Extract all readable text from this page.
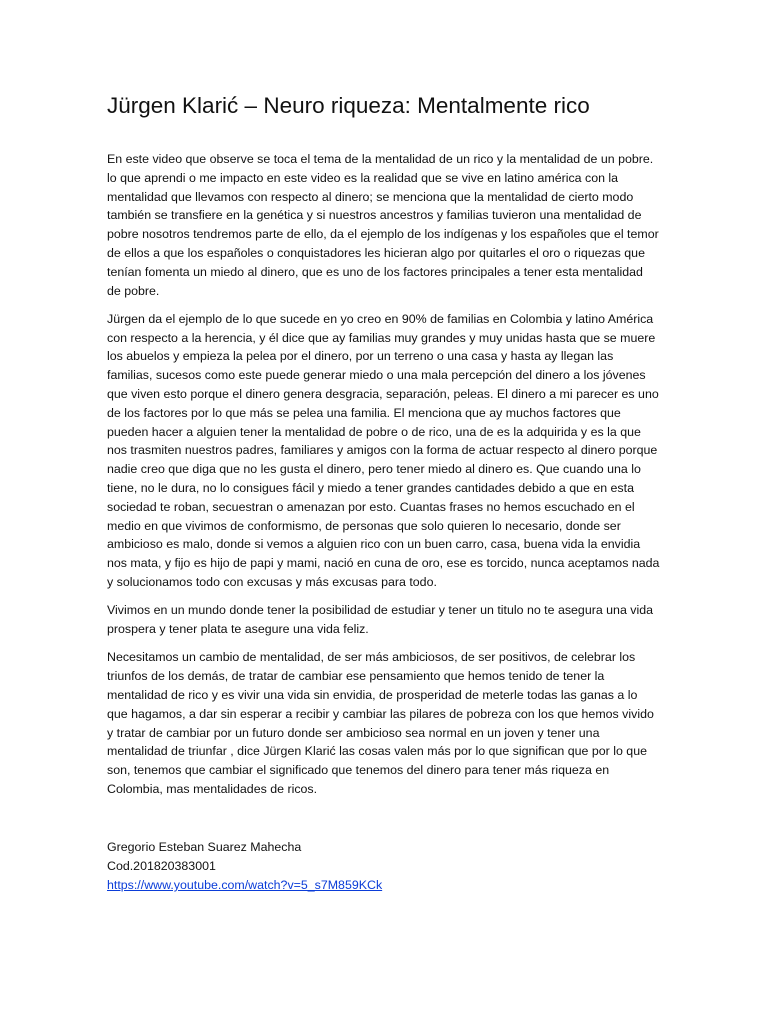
Jürgen Klarić – Neuro riqueza: Mentalmente rico

En este video que observe se toca el tema de la mentalidad de un rico y la mentalidad de un pobre. lo que aprendi o me impacto en este video es la realidad que se vive en latino américa con la mentalidad que llevamos con respecto al dinero; se menciona que la mentalidad de cierto modo también se transfiere en la genética y si nuestros ancestros y familias tuvieron una mentalidad de pobre nosotros tendremos parte de ello, da el ejemplo de los indígenas y los españoles que el temor de ellos a que los españoles o conquistadores les hicieran algo por quitarles el oro o riquezas que tenían fomenta un miedo al dinero, que es uno de los factores principales a tener esta mentalidad de pobre.

Jürgen da el ejemplo de lo que sucede en yo creo en 90% de familias en Colombia y latino América con respecto a la herencia, y él dice que ay familias muy grandes y muy unidas hasta que se muere los abuelos y empieza la pelea por el dinero, por un terreno o una casa y hasta ay llegan las familias, sucesos como este puede generar miedo o una mala percepción del dinero a los jóvenes que viven esto porque el dinero genera desgracia, separación, peleas. El dinero a mi parecer es uno de los factores por lo que más se pelea una familia. El menciona que ay muchos factores que pueden hacer a alguien tener la mentalidad de pobre o de rico, una de es la adquirida y es la que nos trasmiten nuestros padres, familiares y amigos con la forma de actuar respecto al dinero porque nadie creo que diga que no les gusta el dinero, pero tener miedo al dinero es. Que cuando una lo tiene, no le dura, no lo consigues fácil y miedo a tener grandes cantidades debido a que en esta sociedad te roban, secuestran o amenazan por esto. Cuantas frases no hemos escuchado en el medio en que vivimos de conformismo, de personas que solo quieren lo necesario, donde ser ambicioso es malo, donde si vemos a alguien rico con un buen carro, casa, buena vida la envidia nos mata, y fijo es hijo de papi y mami, nació en cuna de oro, ese es torcido, nunca aceptamos nada y solucionamos todo con excusas y más excusas para todo.

Vivimos en un mundo donde tener la posibilidad de estudiar y tener un titulo no te asegura una vida prospera y tener plata te asegure una vida feliz.

Necesitamos un cambio de mentalidad, de ser más ambiciosos, de ser positivos, de celebrar los triunfos de los demás, de tratar de cambiar ese pensamiento que hemos tenido de tener la mentalidad de rico y es vivir una vida sin envidia, de prosperidad de meterle todas las ganas a lo que hagamos, a dar sin esperar a recibir y cambiar las pilares de pobreza con los que hemos vivido y tratar de cambiar por un futuro donde ser ambicioso sea normal en un joven y tener una mentalidad de triunfar , dice Jürgen Klarić las cosas valen más por lo que significan que por lo que son, tenemos que cambiar el significado que tenemos del dinero para tener más riqueza en Colombia, mas mentalidades de ricos.

Gregorio Esteban Suarez Mahecha
Cod.201820383001
https://www.youtube.com/watch?v=5_s7M859KCk
